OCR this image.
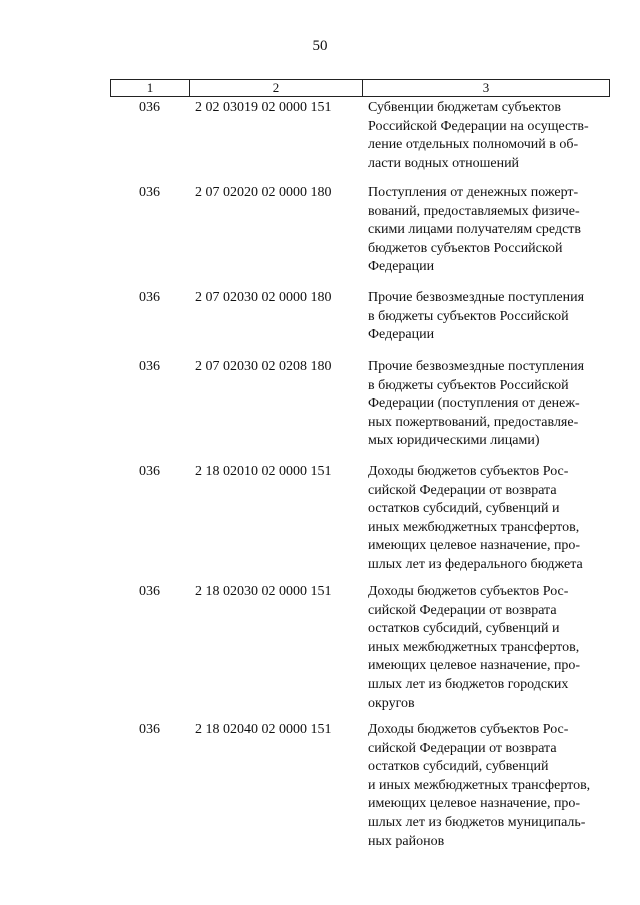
50
1	2	3
036	2 02 03019 02 0000 151	Субвенции бюджетам субъектов
Российской Федерации на осуществ-
ление отдельных полномочий в об-
ласти водных отношений
036	2 07 02020 02 0000 180	Поступления от денежных пожерт-
вований, предоставляемых физиче-
скими лицами получателям средств
бюджетов субъектов Российской
Федерации
036	2 07 02030 02 0000 180	Прочие безвозмездные поступления
в бюджеты субъектов Российской
Федерации
036	2 07 02030 02 0208 180	Прочие безвозмездные поступления
в бюджеты субъектов Российской
Федерации (поступления от денеж-
ных пожертвований, предоставляе-
мых юридическими лицами)
036	2 18 02010 02 0000 151	Доходы бюджетов субъектов Рос-
сийской Федерации от возврата
остатков субсидий, субвенций и
иных межбюджетных трансфертов,
имеющих целевое назначение, про-
шлых лет из федерального бюджета
036	2 18 02030 02 0000 151	Доходы бюджетов субъектов Рос-
сийской Федерации от возврата
остатков субсидий, субвенций и
иных межбюджетных трансфертов,
имеющих целевое назначение, про-
шлых лет из бюджетов городских
округов
036	2 18 02040 02 0000 151	Доходы бюджетов субъектов Рос-
сийской Федерации от возврата
остатков субсидий, субвенций
и иных межбюджетных трансфертов,
имеющих целевое назначение, про-
шлых лет из бюджетов муниципаль-
ных районов
